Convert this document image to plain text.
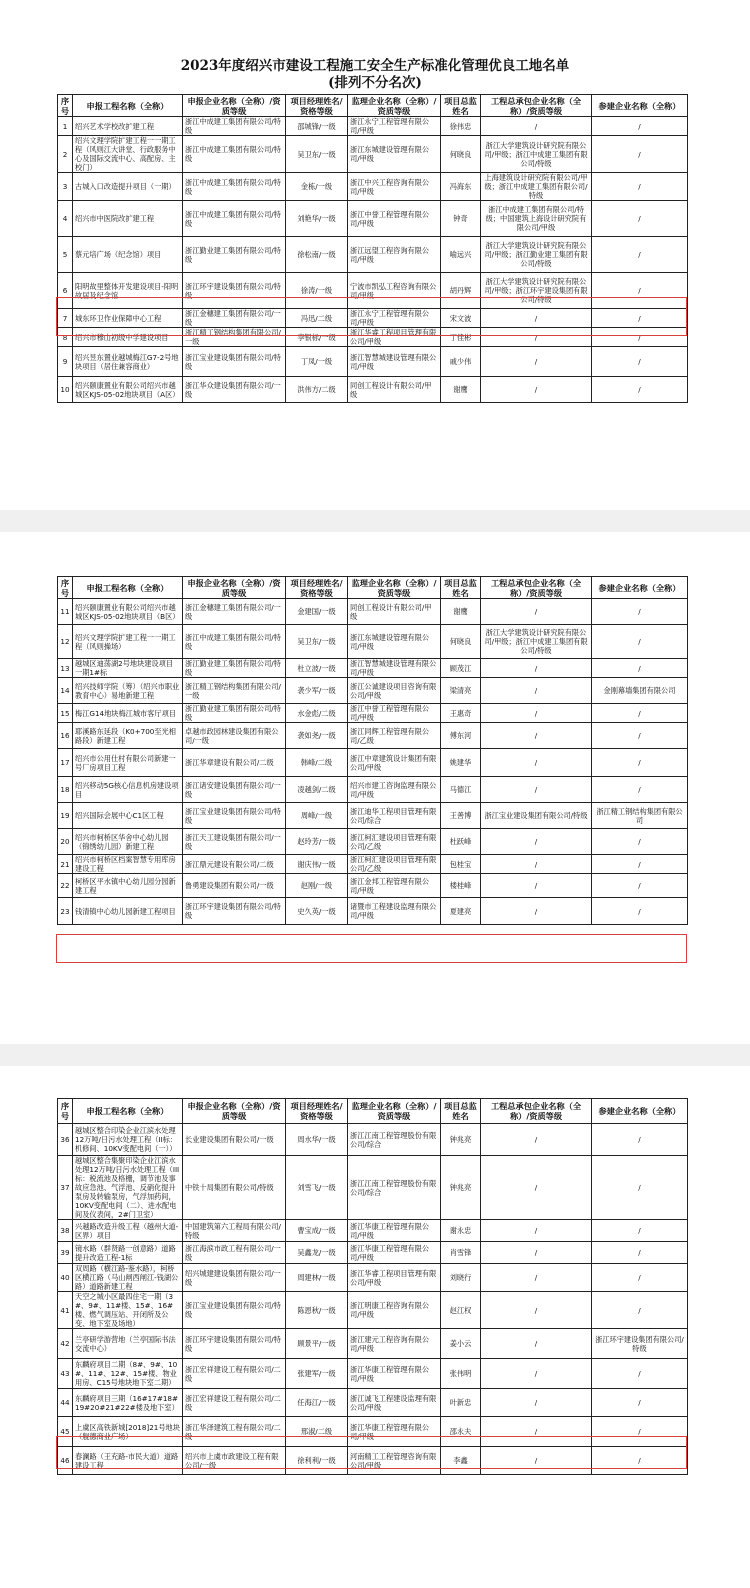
2023年度绍兴市建设工程施工安全生产标准化管理优良工地名单
(排列不分名次)
序号	申报工程名称（全称）	申报企业名称（全称）/资质等级	项目经理姓名/资格等级	监理企业名称（全称）/资质等级	项目总监姓名	工程总承包企业名称（全称）/资质等级	参建企业名称（全称）
1	绍兴艺术学校改扩建工程	浙江中成建工集团有限公司/特级	邵城锋/一级	浙江永宁工程管理有限公司/甲级	徐伟忠	/	/
2	绍兴文理学院扩建工程一一期工程（风则江大讲堂、行政服务中心及国际交流中心、高配房、主校门）	浙江中成建工集团有限公司/特级	吴卫东/一级	浙江东城建设管理有限公司/甲级	何晓良	浙江大学建筑设计研究院有限公司/甲级；浙江中成建工集团有限公司/特级	/
3	古城入口改造提升项目（一期）	浙江中成建工集团有限公司/特级	金栋/一级	浙江中兴工程咨询有限公司/甲级	冯海东	上海建筑设计研究院有限公司/甲级；浙江中成建工集团有限公司/特级	/
4	绍兴市中医院改扩建工程	浙江中成建工集团有限公司/特级	刘艳华/一级	浙江中誉工程管理有限公司/甲级	钟奇	浙江中成建工集团有限公司/特级；中国建筑上海设计研究院有限公司/甲级	/
5	蔡元培广场（纪念馆）项目	浙江勤业建工集团有限公司/特级	徐松南/一级	浙江远望工程咨询有限公司/甲级	喻远兴	浙江大学建筑设计研究院有限公司/甲级；浙江勤业建工集团有限公司/特级	/
6	阳明故里整体开发建设项目-阳明故居及纪念馆	浙江环宇建设集团有限公司/特级	徐涛/一级	宁波市凯弘工程咨询有限公司/甲级	胡丹辉	浙江大学建筑设计研究院有限公司/甲级；浙江环宇建设集团有限公司/特级	/
7	城东环卫作业保障中心工程	浙江金穗建工集团有限公司/一级	冯迅/二级	浙江永宁工程管理有限公司/甲级	宋文波	/	/
8	绍兴市穆山初级中学建设项目	浙江精工钢结构集团有限公司/一级	李银标/一级	浙江华睿工程项目管理有限公司/甲级	丁佳彬	/	/
9	绍兴昱东置业越城梅江G7-2号地块项目（居住兼容商业）	浙江宝业建设集团有限公司/特级	丁凤/一级	浙江智慧城建设管理有限公司/甲级	戚少伟	/	/
10	绍兴颐康置业有限公司绍兴市越城区KJS-05-02地块项目（A区）	浙江华众建设集团有限公司/一级	洪伟方/二级	同创工程设计有限公司/甲级	谢鹰	/	/
序号	申报工程名称（全称）	申报企业名称（全称）/资质等级	项目经理姓名/资格等级	监理企业名称（全称）/资质等级	项目总监姓名	工程总承包企业名称（全称）/资质等级	参建企业名称（全称）
11	绍兴颐康置业有限公司绍兴市越城区KJS-05-02地块项目（B区）	浙江金穗建工集团有限公司/一级	金建国/一级	同创工程设计有限公司/甲级	谢鹰	/	/
12	绍兴文理学院扩建工程一一期工程（风则操场）	浙江中成建工集团有限公司/特级	吴卫东/一级	浙江东城建设管理有限公司/甲级	何晓良	浙江大学建筑设计研究院有限公司/甲级；浙江中成建工集团有限公司/特级	/
13	越城区迪荡湖2号地块建设项目一期1#标	浙江勤业建工集团有限公司/特级	杜立波/一级	浙江智慧城建设管理有限公司/甲级	顾茂江	/	/
14	绍兴技师学院（筹）（绍兴市职业教育中心）易地新建工程	浙江精工钢结构集团有限公司/一级	袭少军/一级	浙江公诚建设项目咨询有限公司/甲级	梁清亮	/	金刚幕墙集团有限公司
15	梅江G14地块梅江城市客厅项目	浙江勤业建工集团有限公司/特级	水金彪/二级	浙江中誉工程管理有限公司/甲级	王惠奇	/	/
16	耶溪路东延段（K0+700至光相路段）新建工程	卓越市政园林建设集团有限公司/一级	袭如尧/一级	浙江同辉工程管理有限公司/乙级	傅东河	/	/
17	绍兴市公用仕村有限公司新建一号厂房项目工程	浙江华章建设有限公司/二级	韩峰/二级	浙江中章建筑设计集团有限公司/甲级	姚建华	/	/
18	绍兴移动5G核心信息机房建设项目	浙江诸安建设集团有限公司/一级	凌越剑/二级	绍兴市建工咨询监理有限公司/甲级	马德江	/	/
19	绍兴国际会展中心C1区工程	浙江宝业建设集团有限公司/特级	周峰/一级	浙江迪华工程项目管理有限公司/综合	王善博	浙江宝业建设集团有限公司/特级	浙江精工钢结构集团有限公司
20	绍兴市柯桥区华舍中心幼儿园（锦绣幼儿园）新建工程	浙江天工建设集团有限公司/一级	赵玲芳/一级	浙江柯汇建设项目管理有限公司/乙级	杜跃峰	/	/
21	绍兴市柯桥区档案智慧专用库房建设工程	浙江鼎元建设有限公司/二级	谢庆伟/一级	浙江柯汇建设项目管理有限公司/乙级	包桂宝	/	/
22	柯桥区平水镇中心幼儿园分园新建工程	鲁勇建设集团有限公司/一级	赵刚/一级	浙江金邦工程管理有限公司/甲级	楼桂峰	/	/
23	钱清镇中心幼儿园新建工程项目	浙江环宇建设集团有限公司/特级	史久英/一级	诸暨市工程建设监理有限公司/甲级	夏建亮	/	/
序号	申报工程名称（全称）	申报企业名称（全称）/资质等级	项目经理姓名/资格等级	监理企业名称（全称）/资质等级	项目总监姓名	工程总承包企业名称（全称）/资质等级	参建企业名称（全称）
36	越城区整合印染企业江滨水处理12万吨/日污水处理工程（II标：机修间、10KV变配电间（一））	长业建设集团有限公司/一级	周水华/一级	浙江江南工程管理股份有限公司/综合	钟兆亮	/	/
37	越城区整合集聚印染企业江滨水处理12万吨/日污水处理工程（III标：税流池及格栅，调节池及事故应急池、气浮池、反硝化提升泵房及转输泵房，气浮加药间，10KV变配电间（二）、进水配电间及仪表间，2#门卫室）	中铁十局集团有限公司/特级	刘雪飞/一级	浙江江南工程管理股份有限公司/综合	钟兆亮	/	/
38	兴越路改造升级工程（越州大道-区界）项目	中国建筑第六工程局有限公司/特级	曹宝成/一级	浙江华康工程管理有限公司/甲级	谢永忠	/	/
39	镜水路（群贤路一创意路）道路提升改造工程-1标	浙江海滨市政工程有限公司/一级	吴鑫龙/一级	浙江华康工程管理有限公司/甲级	肖雪锋	/	/
40	双周路（横江路-鉴水路），柯桥区横江路（马山闸西闸江-钱湖公路）道路新建工程	绍兴城建建设集团有限公司/一级	周建林/一级	浙江华睿工程项目管理有限公司/甲级	刘晓行	/	/
41	天空之城小区最四住宅一期（3#、9#、11#楼、15#、16#楼、燃气调压站、开闭所及公变、地下室及场地）	浙江宝业建设集团有限公司/特级	陈恩秋/一级	浙江明康工程咨询有限公司/甲级	赵江权	/	/
42	兰亭研学游营地（兰亭国际书法交流中心）	浙江环宇建设集团有限公司/特级	顾景平/一级	浙江建元工程咨询有限公司/甲级	姜小云	/	浙江环宇建设集团有限公司/特级
43	东麟府项目二期（8#、9#、10#、11#、12#、15#楼、物业用房、C15号地块地下室二期）	浙江宏祥建设工程有限公司/二级	张建军/一级	浙江华康工程管理有限公司/甲级	张伟明	/	/
44	东麟府项目三期（16#17#18#19#20#21#22#楼及地下室）	浙江宏祥建设工程有限公司/二级	任海江/一级	浙江诚飞工程建设监理有限公司/甲级	叶新忠	/	/
45	上虞区高铁新城[2018]21号地块（舰德商业广场）	浙江华泽建筑工程有限公司/二级	邢淑/二级	浙江华康工程管理有限公司/甲级	邵永夫	/	/
46	春澜路（王充路-市民大道）道路建设工程	绍兴市上虞市政建设工程有限公司/一级	徐利利/一级	河南精工工程管理咨询有限公司/甲级	李鑫	/	/
